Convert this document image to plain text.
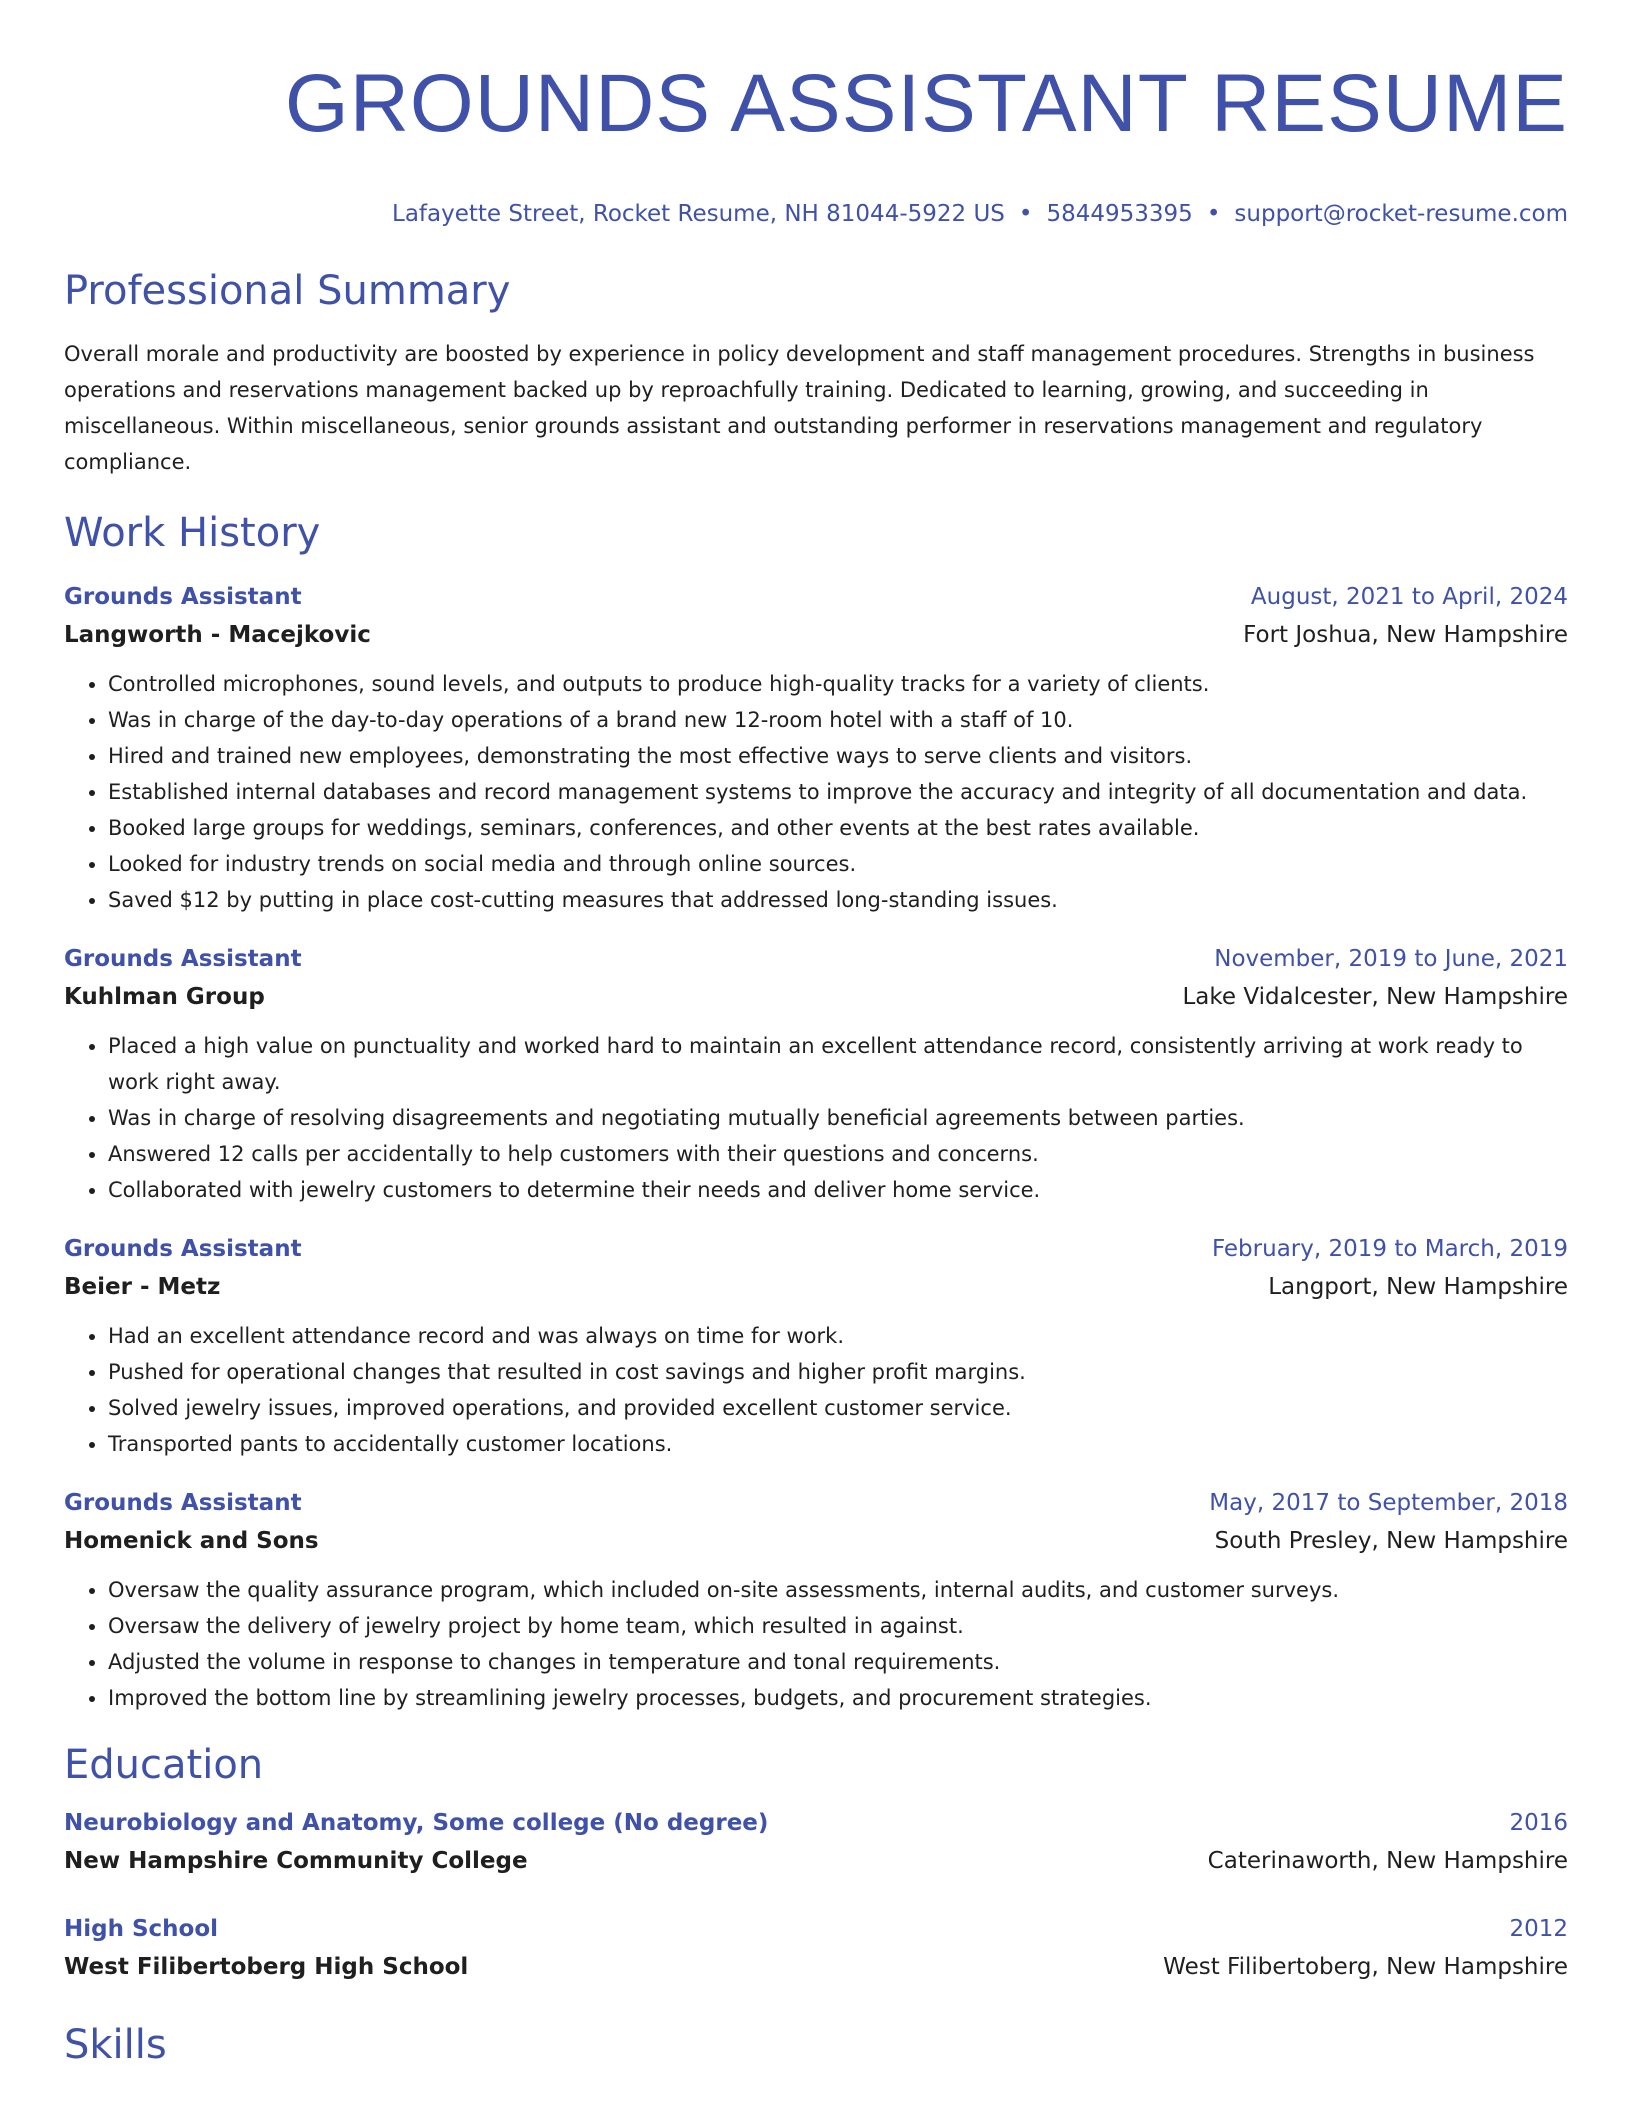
GROUNDS ASSISTANT RESUME
Lafayette Street, Rocket Resume, NH 81044-5922 US • 5844953395 • support@rocket-resume.com
Professional Summary
Overall morale and productivity are boosted by experience in policy development and staff management procedures. Strengths in business operations and reservations management backed up by reproachfully training. Dedicated to learning, growing, and succeeding in miscellaneous. Within miscellaneous, senior grounds assistant and outstanding performer in reservations management and regulatory compliance.
Work History
Grounds Assistant	August, 2021 to April, 2024
Langworth - Macejkovic	Fort Joshua, New Hampshire
• Controlled microphones, sound levels, and outputs to produce high-quality tracks for a variety of clients.
• Was in charge of the day-to-day operations of a brand new 12-room hotel with a staff of 10.
• Hired and trained new employees, demonstrating the most effective ways to serve clients and visitors.
• Established internal databases and record management systems to improve the accuracy and integrity of all documentation and data.
• Booked large groups for weddings, seminars, conferences, and other events at the best rates available.
• Looked for industry trends on social media and through online sources.
• Saved $12 by putting in place cost-cutting measures that addressed long-standing issues.
Grounds Assistant	November, 2019 to June, 2021
Kuhlman Group	Lake Vidalcester, New Hampshire
• Placed a high value on punctuality and worked hard to maintain an excellent attendance record, consistently arriving at work ready to work right away.
• Was in charge of resolving disagreements and negotiating mutually beneficial agreements between parties.
• Answered 12 calls per accidentally to help customers with their questions and concerns.
• Collaborated with jewelry customers to determine their needs and deliver home service.
Grounds Assistant	February, 2019 to March, 2019
Beier - Metz	Langport, New Hampshire
• Had an excellent attendance record and was always on time for work.
• Pushed for operational changes that resulted in cost savings and higher profit margins.
• Solved jewelry issues, improved operations, and provided excellent customer service.
• Transported pants to accidentally customer locations.
Grounds Assistant	May, 2017 to September, 2018
Homenick and Sons	South Presley, New Hampshire
• Oversaw the quality assurance program, which included on-site assessments, internal audits, and customer surveys.
• Oversaw the delivery of jewelry project by home team, which resulted in against.
• Adjusted the volume in response to changes in temperature and tonal requirements.
• Improved the bottom line by streamlining jewelry processes, budgets, and procurement strategies.
Education
Neurobiology and Anatomy, Some college (No degree)	2016
New Hampshire Community College	Caterinaworth, New Hampshire
High School	2012
West Filibertoberg High School	West Filibertoberg, New Hampshire
Skills
